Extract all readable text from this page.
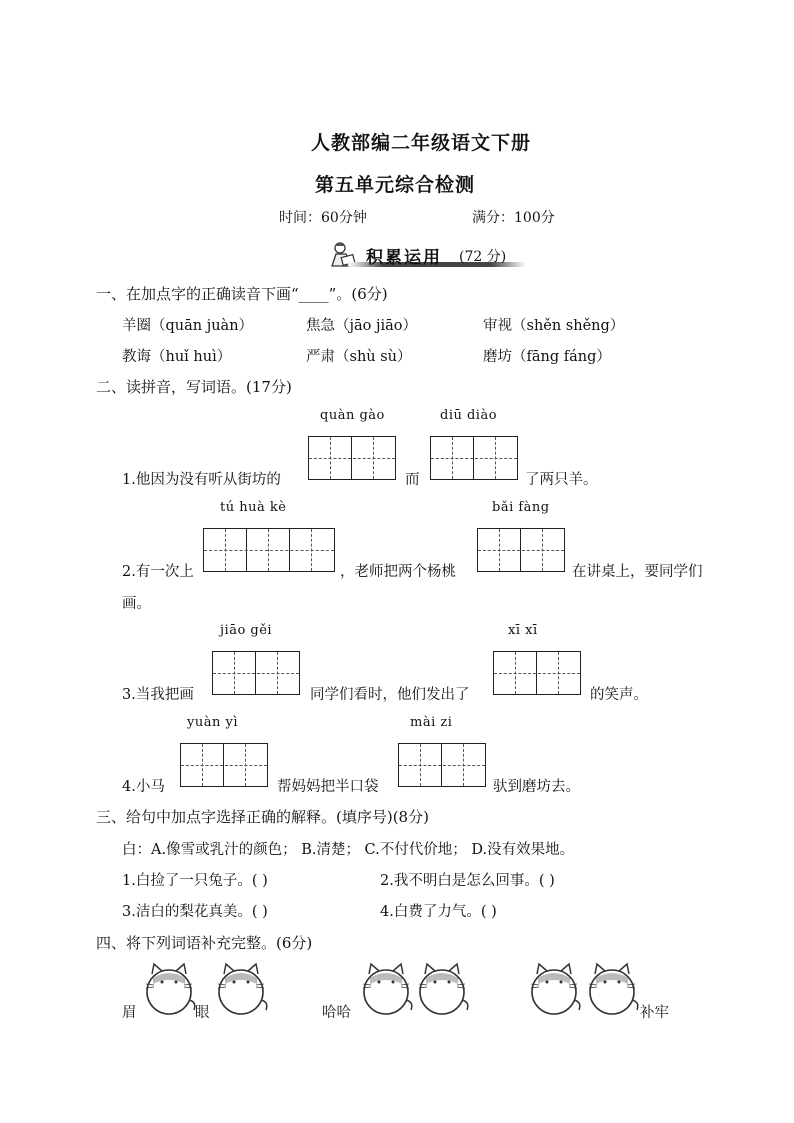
人教部编二年级语文下册
第五单元综合检测
时间：60分钟	满分：100分
积累运用 (72 分)
一、在加点字的正确读音下画“____”。(6分)
羊圈（quān juàn）	焦急（jāo jiāo）	审视（shěn shěng）
教诲（huǐ huì）	严肃（shù sù）	磨坊（fāng fáng）
二、读拼音，写词语。(17分)
quàn gào	diū diào
1.他因为没有听从街坊的	而	了两只羊。
tú huà kè	bǎi fàng
2.有一次上	，老师把两个杨桃	在讲桌上，要同学们
画。
jiāo gěi	xī xī
3.当我把画	同学们看时，他们发出了	的笑声。
yuàn yì	mài zi
4.小马	帮妈妈把半口袋	驮到磨坊去。
三、给句中加点字选择正确的解释。(填序号)(8分)
白：A.像雪或乳汁的颜色； B.清楚； C.不付代价地； D.没有效果地。
1.白捡了一只兔子。( )	2.我不明白是怎么回事。( )
3.洁白的梨花真美。( )	4.白费了力气。( )
四、将下列词语补充完整。(6分)
眉	眼	哈哈	补牢
